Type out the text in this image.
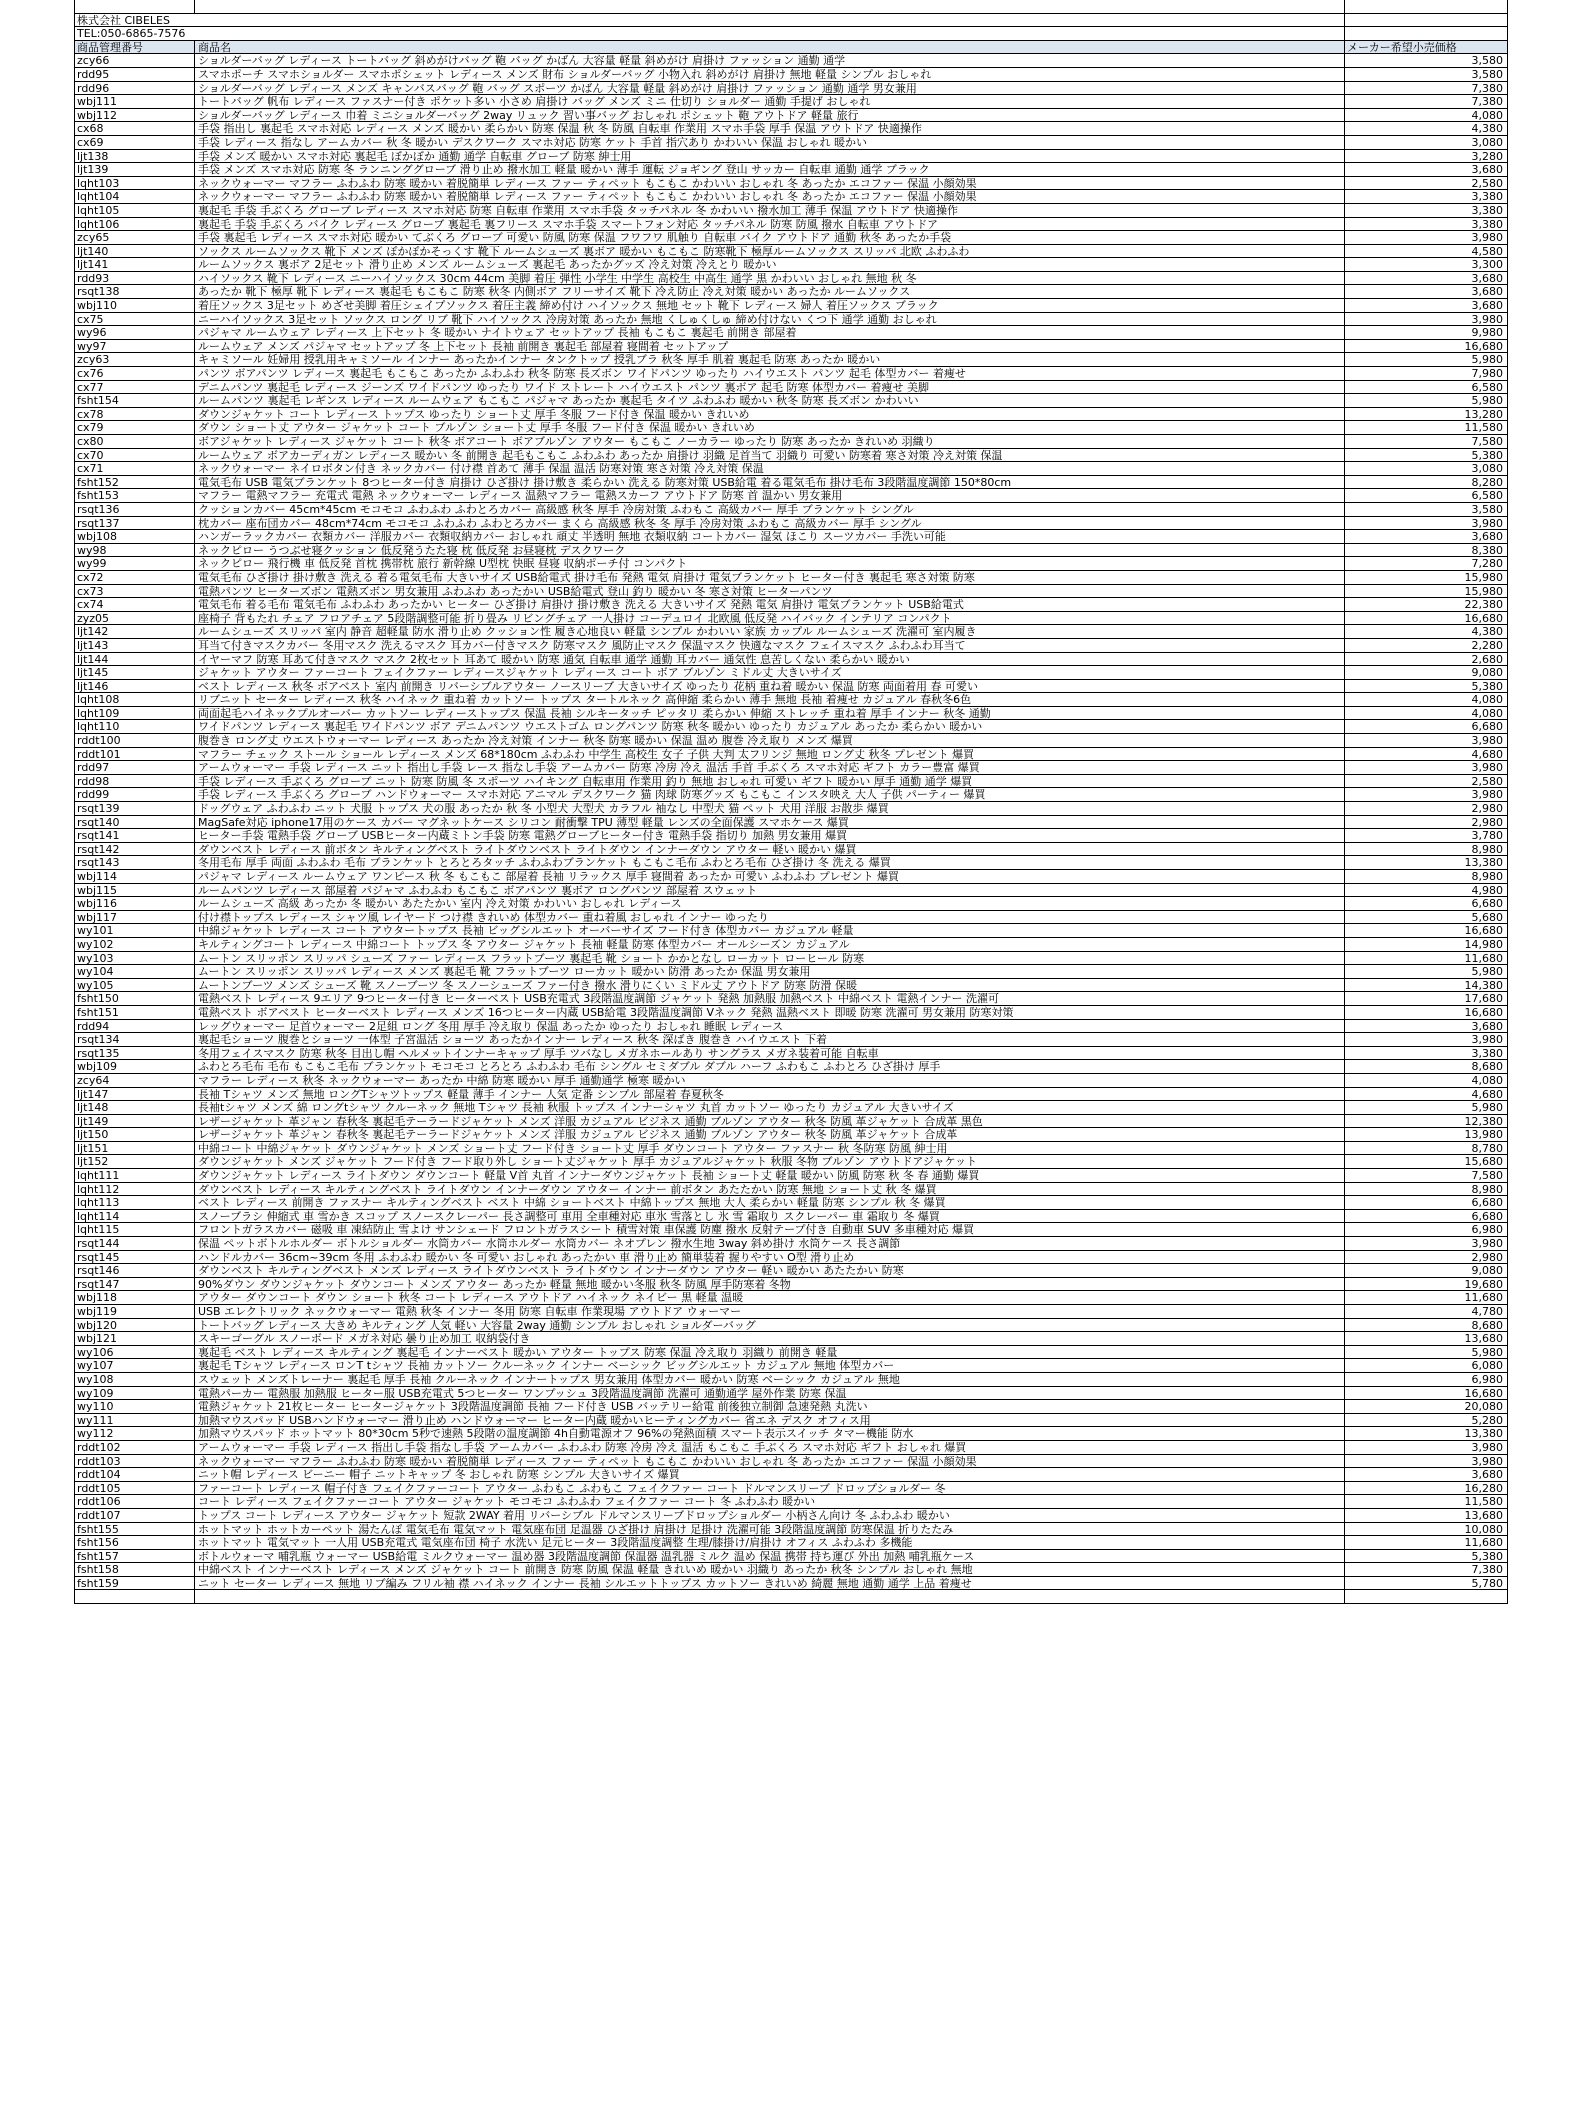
株式会社 CIBELES
TEL:050-6865-7576
商品管理番号	商品名	メーカー希望小売価格
zcy66	ショルダーバッグ レディース トートバッグ 斜めがけバッグ 鞄 バッグ かばん 大容量 軽量 斜めがけ 肩掛け ファッション 通勤 通学	3,580
rdd95	スマホポーチ スマホショルダー スマホポシェット レディース メンズ 財布 ショルダーバッグ 小物入れ 斜めがけ 肩掛け 無地 軽量 シンプル おしゃれ	3,580
rdd96	ショルダーバッグ レディース メンズ キャンバスバッグ 鞄 バッグ スポーツ かばん 大容量 軽量 斜めがけ 肩掛け ファッション 通勤 通学 男女兼用	7,380
wbj111	トートバッグ 帆布 レディース ファスナー付き ポケット多い 小さめ 肩掛け バッグ メンズ ミニ 仕切り ショルダー 通勤 手提げ おしゃれ	7,380
wbj112	ショルダーバッグ レディース 巾着 ミニショルダーバッグ 2way リュック 習い事バッグ おしゃれ ポシェット 鞄 アウトドア 軽量 旅行	4,080
cx68	手袋 指出し 裏起毛 スマホ対応 レディース メンズ 暖かい 柔らかい 防寒 保温 秋 冬 防風 自転車 作業用 スマホ手袋 厚手 保温 アウトドア 快適操作	4,380
cx69	手袋 レディース 指なし アームカバー 秋 冬 暖かい デスクワーク スマホ対応 防寒 ケット 手首 指穴あり かわいい 保温 おしゃれ 暖かい	3,080
ljt138	手袋 メンズ 暖かい スマホ対応 裏起毛 ぼかぼか 通勤 通学 自転車 グローブ 防寒 紳士用	3,280
ljt139	手袋 メンズ スマホ対応 防寒 冬 ランニンググローブ 滑り止め 撥水加工 軽量 暖かい 薄手 運転 ジョギング 登山 サッカー 自転車 通勤 通学 ブラック	3,680
lqht103	ネックウォーマー マフラー ふわふわ 防寒 暖かい 着脱簡単 レディース ファー ティペット もこもこ かわいい おしゃれ 冬 あったか エコファー 保温 小顔効果	2,580
lqht104	ネックウォーマー マフラー ふわふわ 防寒 暖かい 着脱簡単 レディース ファー ティペット もこもこ かわいい おしゃれ 冬 あったか エコファー 保温 小顔効果	3,380
lqht105	裏起毛 手袋 手ぶくろ グローブ レディース スマホ対応 防寒 自転車 作業用 スマホ手袋 タッチパネル 冬 かわいい 撥水加工 薄手 保温 アウトドア 快適操作	3,380
lqht106	裏起毛 手袋 手ぶくろ バイク レディース グローブ 裏起毛 裏フリース スマホ手袋 スマートフォン対応 タッチパネル 防寒 防風 撥水 自転車 アウトドア	3,380
zcy65	手袋 裏起毛 レディース スマホ対応 暖かい てぶくろ グローブ 可愛い 防風 防寒 保温 フワフワ 肌触り 自転車 バイク アウトドア 通勤 秋冬 あったか手袋	3,980
ljt140	ソックス ルームソックス 靴下 メンズ ぽかぽかそっくす 靴下 ルームシューズ 裏ボア 暖かい もこもこ 防寒靴下 極厚ルームソックス スリッパ 北欧 ふわふわ	4,580
ljt141	ルームソックス 裏ボア 2足セット 滑り止め メンズ ルームシューズ 裏起毛 あったかグッズ 冷え対策 冷えとり 暖かい	3,300
rdd93	ハイソックス 靴下 レディース ニーハイソックス 30cm 44cm 美脚 着圧 弾性 小学生 中学生 高校生 中高生 通学 黒 かわいい おしゃれ 無地 秋 冬	3,680
rsqt138	あったか 靴下 極厚 靴下 レディース 裏起毛 もこもこ 防寒 秋冬 内側ボア フリーサイズ 靴下 冷え防止 冷え対策 暖かい あったか ルームソックス	3,680
wbj110	着圧ソックス 3足セット めざせ美脚 着圧シェイプソックス 着圧主義 締め付け ハイソックス 無地 セット 靴下 レディース 婦人 着圧ソックス ブラック	3,680
cx75	ニーハイソックス 3足セット ソックス ロング リブ 靴下 ハイソックス 冷房対策 あったか 無地 くしゅくしゅ 締め付けない くつ下 通学 通勤 おしゃれ	3,980
wy96	パジャマ ルームウェア レディース 上下セット 冬 暖かい ナイトウェア セットアップ 長袖 もこもこ 裏起毛 前開き 部屋着	9,980
wy97	ルームウェア メンズ パジャマ セットアップ 冬 上下セット 長袖 前開き 裏起毛 部屋着 寝間着 セットアップ	16,680
zcy63	キャミソール 妊婦用 授乳用キャミソール インナー あったかインナー タンクトップ 授乳ブラ 秋冬 厚手 肌着 裏起毛 防寒 あったか 暖かい	5,980
cx76	パンツ ボアパンツ レディース 裏起毛 もこもこ あったか ふわふわ 秋冬 防寒 長ズボン ワイドパンツ ゆったり ハイウエスト パンツ 起毛 体型カバー 着痩せ	7,980
cx77	デニムパンツ 裏起毛 レディース ジーンズ ワイドパンツ ゆったり ワイド ストレート ハイウエスト パンツ 裏ボア 起毛 防寒 体型カバー 着痩せ 美脚	6,580
fsht154	ルームパンツ 裏起毛 レギンス レディース ルームウェア もこもこ パジャマ あったか 裏起毛 タイツ ふわふわ 暖かい 秋冬 防寒 長ズボン かわいい	5,980
cx78	ダウンジャケット コート レディース トップス ゆったり ショート丈 厚手 冬服 フード付き 保温 暖かい きれいめ	13,280
cx79	ダウン ショート丈 アウター ジャケット コート ブルゾン ショート丈 厚手 冬服 フード付き 保温 暖かい きれいめ	11,580
cx80	ボアジャケット レディース ジャケット コート 秋冬 ボアコート ボアブルゾン アウター もこもこ ノーカラー ゆったり 防寒 あったか きれいめ 羽織り	7,580
cx70	ルームウェア ボアカーディガン レディース 暖かい 冬 前開き 起毛もこもこ ふわふわ あったか 肩掛け 羽織 足首当て 羽織り 可愛い 防寒着 寒さ対策 冷え対策 保温	5,380
cx71	ネックウォーマー ネイロボタン付き ネックカバー 付け襟 首あて 薄手 保温 温活 防寒対策 寒さ対策 冷え対策 保温	3,080
fsht152	電気毛布 USB 電気ブランケット 8つヒーター付き 肩掛け ひざ掛け 掛け敷き 柔らかい 洗える 防寒対策 USB給電 着る電気毛布 掛け毛布 3段階温度調節 150*80cm	8,280
fsht153	マフラー 電熱マフラー 充電式 電熱 ネックウォーマー レディース 温熱マフラー 電熱スカーフ アウトドア 防寒 首 温かい 男女兼用	6,580
rsqt136	クッションカバー 45cm*45cm モコモコ ふわふわ ふわとろカバー 高級感 秋冬 厚手 冷房対策 ふわもこ 高級カバー 厚手 ブランケット シングル	3,580
rsqt137	枕カバー 座布団カバー 48cm*74cm モコモコ ふわふわ ふわとろカバー まくら 高級感 秋冬 冬 厚手 冷房対策 ふわもこ 高級カバー 厚手 シングル	3,980
wbj108	ハンガーラックカバー 衣類カバー 洋服カバー 衣類収納カバー おしゃれ 頑丈 半透明 無地 衣類収納 コートカバー 湿気 ほこり スーツカバー 手洗い可能	3,680
wy98	ネックピロー うつぶせ寝クッション 低反発うたた寝 枕 低反発 お昼寝枕 デスクワーク	8,380
wy99	ネックピロー 飛行機 車 低反発 首枕 携帯枕 旅行 新幹線 U型枕 快眠 昼寝 収納ポーチ付 コンパクト	7,280
cx72	電気毛布 ひざ掛け 掛け敷き 洗える 着る電気毛布 大きいサイズ USB給電式 掛け毛布 発熱 電気 肩掛け 電気ブランケット ヒーター付き 裏起毛 寒さ対策 防寒	15,980
cx73	電熱パンツ ヒーターズボン 電熱ズボン 男女兼用 ふわふわ あったかい USB給電式 登山 釣り 暖かい 冬 寒さ対策 ヒーターパンツ	15,980
cx74	電気毛布 着る毛布 電気毛布 ふわふわ あったかい ヒーター ひざ掛け 肩掛け 掛け敷き 洗える 大きいサイズ 発熱 電気 肩掛け 電気ブランケット USB給電式	22,380
zyz05	座椅子 背もたれ チェア フロアチェア 5段階調整可能 折り畳み リビングチェア 一人掛け コーデュロイ 北欧風 低反発 ハイバック インテリア コンパクト	16,680
ljt142	ルームシューズ スリッパ 室内 静音 超軽量 防水 滑り止め クッション性 履き心地良い 軽量 シンプル かわいい 家族 カップル ルームシューズ 洗濯可 室内履き	4,380
ljt143	耳当て付きマスクカバー 冬用マスク 洗えるマスク 耳カバー付きマスク 防寒マスク 風防止マスク 保温マスク 快適なマスク フェイスマスク ふわふわ耳当て	2,280
ljt144	イヤーマフ 防寒 耳あて付きマスク マスク 2枚セット 耳あて 暖かい 防寒 通気 自転車 通学 通勤 耳カバー 通気性 息苦しくない 柔らかい 暖かい	2,680
ljt145	ジャケット アウター ファーコート フェイクファー レディースジャケット レディース コート ボア ブルゾン ミドル丈 大きいサイズ	9,080
ljt146	ベスト レディース 秋冬 ボアベスト 室内 前開き リバーシブルアウター ノースリーブ 大きいサイズ ゆったり 花柄 重ね着 暖かい 保温 防寒 両面着用 春 可愛い	5,380
lqht108	リブニット セーター レディース 秋冬 ハイネック 重ね着 カットソー トップス タートルネック 高伸縮 柔らかい 薄手 無地 長袖 着痩せ カジュアル 春秋冬6色	4,080
lqht109	両面起毛ハイネックプルオーバー カットソー レディーストップス 保温 長袖 シルキータッチ ピッタリ 柔らかい 伸縮 ストレッチ 重ね着 厚手 インナー 秋冬 通勤	4,080
lqht110	ワイドパンツ レディース 裏起毛 ワイドパンツ ボア デニムパンツ ウエストゴム ロングパンツ 防寒 秋冬 暖かい ゆったり カジュアル あったか 柔らかい 暖かい	6,680
rddt100	腹巻き ロング丈 ウエストウォーマー レディース あったか 冷え対策 インナー 秋冬 防寒 暖かい 保温 温め 腹巻 冷え取り メンズ 爆買	3,980
rddt101	マフラー チェック ストール ショール レディース メンズ 68*180cm ふわふわ 中学生 高校生 女子 子供 大判 太フリンジ 無地 ロング丈 秋冬 プレゼント 爆買	4,680
rdd97	アームウォーマー 手袋 レディース ニット 指出し手袋 レース 指なし手袋 アームカバー 防寒 冷房 冷え 温活 手首 手ぶくろ スマホ対応 ギフト カラー豊富 爆買	3,980
rdd98	手袋 レディース 手ぶくろ グローブ ニット 防寒 防風 冬 スポーツ ハイキング 自転車用 作業用 釣り 無地 おしゃれ 可愛い ギフト 暖かい 厚手 通勤 通学 爆買	2,580
rdd99	手袋 レディース 手ぶくろ グローブ ハンドウォーマー スマホ対応 アニマル デスクワーク 猫 肉球 防寒グッズ もこもこ インスタ映え 大人 子供 パーティー 爆買	3,980
rsqt139	ドッグウェア ふわふわ ニット 犬服 トップス 犬の服 あったか 秋 冬 小型犬 大型犬 カラフル 袖なし 中型犬 猫 ペット 犬用 洋服 お散歩 爆買	2,980
rsqt140	MagSafe対応 iphone17用のケース カバー マグネットケース シリコン 耐衝撃 TPU 薄型 軽量 レンズの全面保護 スマホケース 爆買	2,980
rsqt141	ヒーター手袋 電熱手袋 グローブ USBヒーター内蔵ミトン手袋 防寒 電熱グローブヒーター付き 電熱手袋 指切り 加熱 男女兼用 爆買	3,780
rsqt142	ダウンベスト レディース 前ボタン キルティングベスト ライトダウンベスト ライトダウン インナーダウン アウター 軽い 暖かい 爆買	8,980
rsqt143	冬用毛布 厚手 両面 ふわふわ 毛布 ブランケット とろとろタッチ ふわふわブランケット もこもこ毛布 ふわとろ毛布 ひざ掛け 冬 洗える 爆買	13,380
wbj114	パジャマ レディース ルームウェア ワンピース 秋 冬 もこもこ 部屋着 長袖 リラックス 厚手 寝間着 あったか 可愛い ふわふわ プレゼント 爆買	8,980
wbj115	ルームパンツ レディース 部屋着 パジャマ ふわふわ もこもこ ボアパンツ 裏ボア ロングパンツ 部屋着 スウェット	4,980
wbj116	ルームシューズ 高級 あったか 冬 暖かい あたたかい 室内 冷え対策 かわいい おしゃれ レディース	6,680
wbj117	付け襟トップス レディース シャツ風 レイヤード つけ襟 きれいめ 体型カバー 重ね着風 おしゃれ インナー ゆったり	5,680
wy101	中綿ジャケット レディース コート アウタートップス 長袖 ビッグシルエット オーバーサイズ フード付き 体型カバー カジュアル 軽量	16,680
wy102	キルティングコート レディース 中綿コート トップス 冬 アウター ジャケット 長袖 軽量 防寒 体型カバー オールシーズン カジュアル	14,980
wy103	ムートン スリッポン スリッパ シューズ ファー レディース フラットブーツ 裏起毛 靴 ショート かかとなし ローカット ローヒール 防寒	11,680
wy104	ムートン スリッポン スリッパ レディース メンズ 裏起毛 靴 フラットブーツ ローカット 暖かい 防滑 あったか 保温 男女兼用	5,980
wy105	ムートンブーツ メンズ シューズ 靴 スノーブーツ 冬 スノーシューズ ファー付き 撥水 滑りにくい ミドル丈 アウトドア 防寒 防滑 保暖	14,380
fsht150	電熱ベスト レディース 9エリア 9つヒーター付き ヒーターベスト USB充電式 3段階温度調節 ジャケット 発熱 加熱服 加熱ベスト 中綿ベスト 電熱インナー 洗濯可	17,680
fsht151	電熱ベスト ボアベスト ヒーターベスト レディース メンズ 16つヒーター内蔵 USB給電 3段階温度調節 Vネック 発熱 温熱ベスト 即暖 防寒 洗濯可 男女兼用 防寒対策	16,680
rdd94	レッグウォーマー 足首ウォーマー 2足組 ロング 冬用 厚手 冷え取り 保温 あったか ゆったり おしゃれ 睡眠 レディース	3,680
rsqt134	裏起毛ショーツ 腹巻とショーツ 一体型 子宮温活 ショーツ あったかインナー レディース 秋冬 深ばき 腹巻き ハイウエスト 下着	3,980
rsqt135	冬用フェイスマスク 防寒 秋冬 目出し帽 ヘルメットインナーキャップ 厚手 ツバなし メガネホールあり サングラス メガネ装着可能 自転車	3,380
wbj109	ふわとろ毛布 毛布 もこもこ毛布 ブランケット モコモコ とろとろ ふわふわ 毛布 シングル セミダブル ダブル ハーフ ふわもこ ふわとろ ひざ掛け 厚手	8,680
zcy64	マフラー レディース 秋冬 ネックウォーマー あったか 中綿 防寒 暖かい 厚手 通勤通学 極寒 暖かい	4,080
ljt147	長袖 Tシャツ メンズ 無地 ロングTシャツトップス 軽量 薄手 インナー 人気 定番 シンプル 部屋着 春夏秋冬	4,680
ljt148	長袖tシャツ メンズ 綿 ロングtシャツ クルーネック 無地 Tシャツ 長袖 秋服 トップス インナーシャツ 丸首 カットソー ゆったり カジュアル 大きいサイズ	5,980
ljt149	レザージャケット 革ジャン 春秋冬 裏起毛テーラードジャケット メンズ 洋服 カジュアル ビジネス 通勤 ブルゾン アウター 秋冬 防風 革ジャケット 合成革 黒色	12,380
ljt150	レザージャケット 革ジャン 春秋冬 裏起毛テーラードジャケット メンズ 洋服 カジュアル ビジネス 通勤 ブルゾン アウター 秋冬 防風 革ジャケット 合成革	13,980
ljt151	中綿コート 中綿ジャケット ダウンジャケット メンズ ショート丈 フード付き ショート丈 厚手 ダウンコート アウター ファスナー 秋 冬防寒 防風 紳士用	8,780
ljt152	ダウンジャケット メンズ ジャケット フード付き フード取り外し ショート丈ジャケット 厚手 カジュアルジャケット 秋服 冬物 ブルゾン アウトドアジャケット	15,680
lqht111	ダウンジャケット レディース ライトダウン ダウンコート 軽量 V首 丸首 インナーダウンジャケット 長袖 ショート丈 軽量 暖かい 防風 防寒 秋 冬 春 通勤 爆買	7,580
lqht112	ダウンベスト レディース キルティングベスト ライトダウン インナーダウン アウター インナー 前ボタン あたたかい 防寒 無地 ショート丈 秋 冬 爆買	8,980
lqht113	ベスト レディース 前開き ファスナー キルティングベスト ベスト 中綿 ショートベスト 中綿トップス 無地 大人 柔らかい 軽量 防寒 シンプル 秋 冬 爆買	6,680
lqht114	スノーブラシ 伸縮式 車 雪かき スコップ スノースクレーパー 長さ調整可 車用 全車種対応 車氷 雪落とし 氷 雪 霜取り スクレーパー 車 霜取り 冬 爆買	6,680
lqht115	フロントガラスカバー 磁吸 車 凍結防止 雪よけ サンシェード フロントガラスシート 積雪対策 車保護 防塵 撥水 反射テープ付き 自動車 SUV 多車種対応 爆買	6,980
rsqt144	保温 ペットボトルホルダー ボトルショルダー 水筒カバー 水筒ホルダー 水筒カバー ネオプレン 撥水生地 3way 斜め掛け 水筒ケース 長さ調節	3,980
rsqt145	ハンドルカバー 36cm~39cm 冬用 ふわふわ 暖かい 冬 可愛い おしゃれ あったかい 車 滑り止め 簡単装着 握りやすい O型 滑り止め	2,980
rsqt146	ダウンベスト キルティングベスト メンズ レディース ライトダウンベスト ライトダウン インナーダウン アウター 軽い 暖かい あたたかい 防寒	9,080
rsqt147	90%ダウン ダウンジャケット ダウンコート メンズ アウター あったか 軽量 無地 暖かい冬服 秋冬 防風 厚手防寒着 冬物	19,680
wbj118	アウター ダウンコート ダウン ショート 秋冬 コート レディース アウトドア ハイネック ネイビー 黒 軽量 温暖	11,680
wbj119	USB エレクトリック ネックウォーマー 電熱 秋冬 インナー 冬用 防寒 自転車 作業現場 アウトドア ウォーマー	4,780
wbj120	トートバッグ レディース 大きめ キルティング 人気 軽い 大容量 2way 通勤 シンプル おしゃれ ショルダーバッグ	8,680
wbj121	スキーゴーグル スノーボード メガネ対応 曇り止め加工 収納袋付き	13,680
wy106	裏起毛 ベスト レディース キルティング 裏起毛 インナーベスト 暖かい アウター トップス 防寒 保温 冷え取り 羽織り 前開き 軽量	5,980
wy107	裏起毛 Tシャツ レディース ロンT tシャツ 長袖 カットソー クルーネック インナー ベーシック ビッグシルエット カジュアル 無地 体型カバー	6,080
wy108	スウェット メンズトレーナー 裏起毛 厚手 長袖 クルーネック インナートップス 男女兼用 体型カバー 暖かい 防寒 ベーシック カジュアル 無地	6,980
wy109	電熱パーカー 電熱服 加熱服 ヒーター服 USB充電式 5つヒーター ワンプッシュ 3段階温度調節 洗濯可 通勤通学 屋外作業 防寒 保温	16,680
wy110	電熱ジャケット 21枚ヒーター ヒータージャケット 3段階温度調節 長袖 フード付き USB バッテリー給電 前後独立制御 急速発熱 丸洗い	20,080
wy111	加熱マウスパッド USBハンドウォーマー 滑り止め ハンドウォーマー ヒーター内蔵 暖かいヒーティングカバー 省エネ デスク オフィス用	5,280
wy112	加熱マウスパッド ホットマット 80*30cm 5秒で速熱 5段階の温度調節 4h自動電源オフ 96%の発熱面積 スマート表示スイッチ タマー機能 防水	13,380
rddt102	アームウォーマー 手袋 レディース 指出し手袋 指なし手袋 アームカバー ふわふわ 防寒 冷房 冷え 温活 もこもこ 手ぶくろ スマホ対応 ギフト おしゃれ 爆買	3,980
rddt103	ネックウォーマー マフラー ふわふわ 防寒 暖かい 着脱簡単 レディース ファー ティペット もこもこ かわいい おしゃれ 冬 あったか エコファー 保温 小顔効果	3,980
rddt104	ニット帽 レディース ビーニー 帽子 ニットキャップ 冬 おしゃれ 防寒 シンプル 大きいサイズ 爆買	3,680
rddt105	ファーコート レディース 帽子付き フェイクファーコート アウター ふわもこ ふわもこ フェイクファー コート ドルマンスリーブ ドロップショルダー 冬	16,280
rddt106	コート レディース フェイクファーコート アウター ジャケット モコモコ ふわふわ フェイクファー コート 冬 ふわふわ 暖かい	11,580
rddt107	トップス コート レディース アウター ジャケット 短款 2WAY 着用 リバーシブル ドルマンスリーブドロップショルダー 小柄さん向け 冬 ふわふわ 暖かい	13,680
fsht155	ホットマット ホットカーペット 湯たんぽ 電気毛布 電気マット 電気座布団 足温器 ひざ掛け 肩掛け 足掛け 洗濯可能 3段階温度調節 防寒保温 折りたたみ	10,080
fsht156	ホットマット 電気マット 一人用 USB充電式 電気座布団 椅子 水洗い 足元ヒーター 3段階温度調整 生理/膝掛け/肩掛け オフィス ふわふわ 多機能	11,680
fsht157	ボトルウォーマ 哺乳瓶 ウォーマー USB給電 ミルクウォーマー 温め器 3段階温度調節 保温器 温乳器 ミルク 温め 保温 携帯 持ち運び 外出 加熱 哺乳瓶ケース	5,380
fsht158	中綿ベスト インナーベスト レディース メンズ ジャケット コート 前開き 防寒 防風 保温 軽量 きれいめ 暖かい 羽織り あったか 秋冬 シンプル おしゃれ 無地	7,380
fsht159	ニット セーター レディース 無地 リブ編み フリル袖 襟 ハイネック インナー 長袖 シルエットトップス カットソー きれいめ 綺麗 無地 通勤 通学 上品 着痩せ	5,780
